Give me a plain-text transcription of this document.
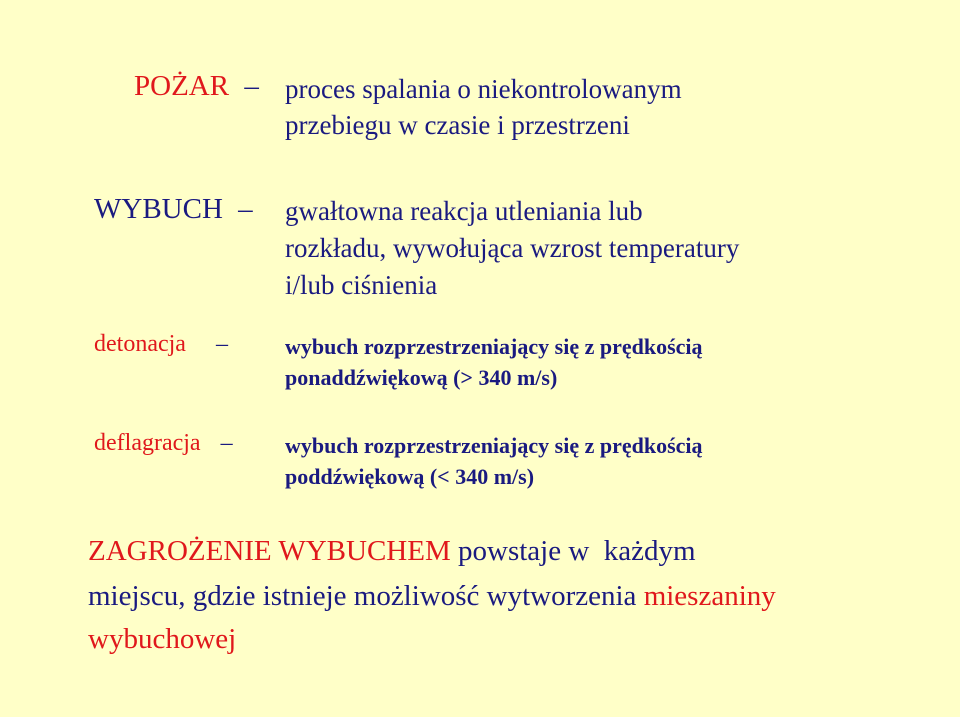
POŻAR – proces spalania o niekontrolowanym
przebiegu w czasie i przestrzeni
WYBUCH – gwałtowna reakcja utleniania lub
rozkładu, wywołująca wzrost temperatury
i/lub ciśnienia
detonacja –	wybuch rozprzestrzeniający się z prędkością
ponaddźwiękową (> 340 m/s)
deflagracja – wybuch rozprzestrzeniający się z prędkością
poddźwiękową (< 340 m/s)
ZAGROŻENIE WYBUCHEM powstaje w  każdym
miejscu, gdzie istnieje możliwość wytworzenia mieszaniny
wybuchowej
